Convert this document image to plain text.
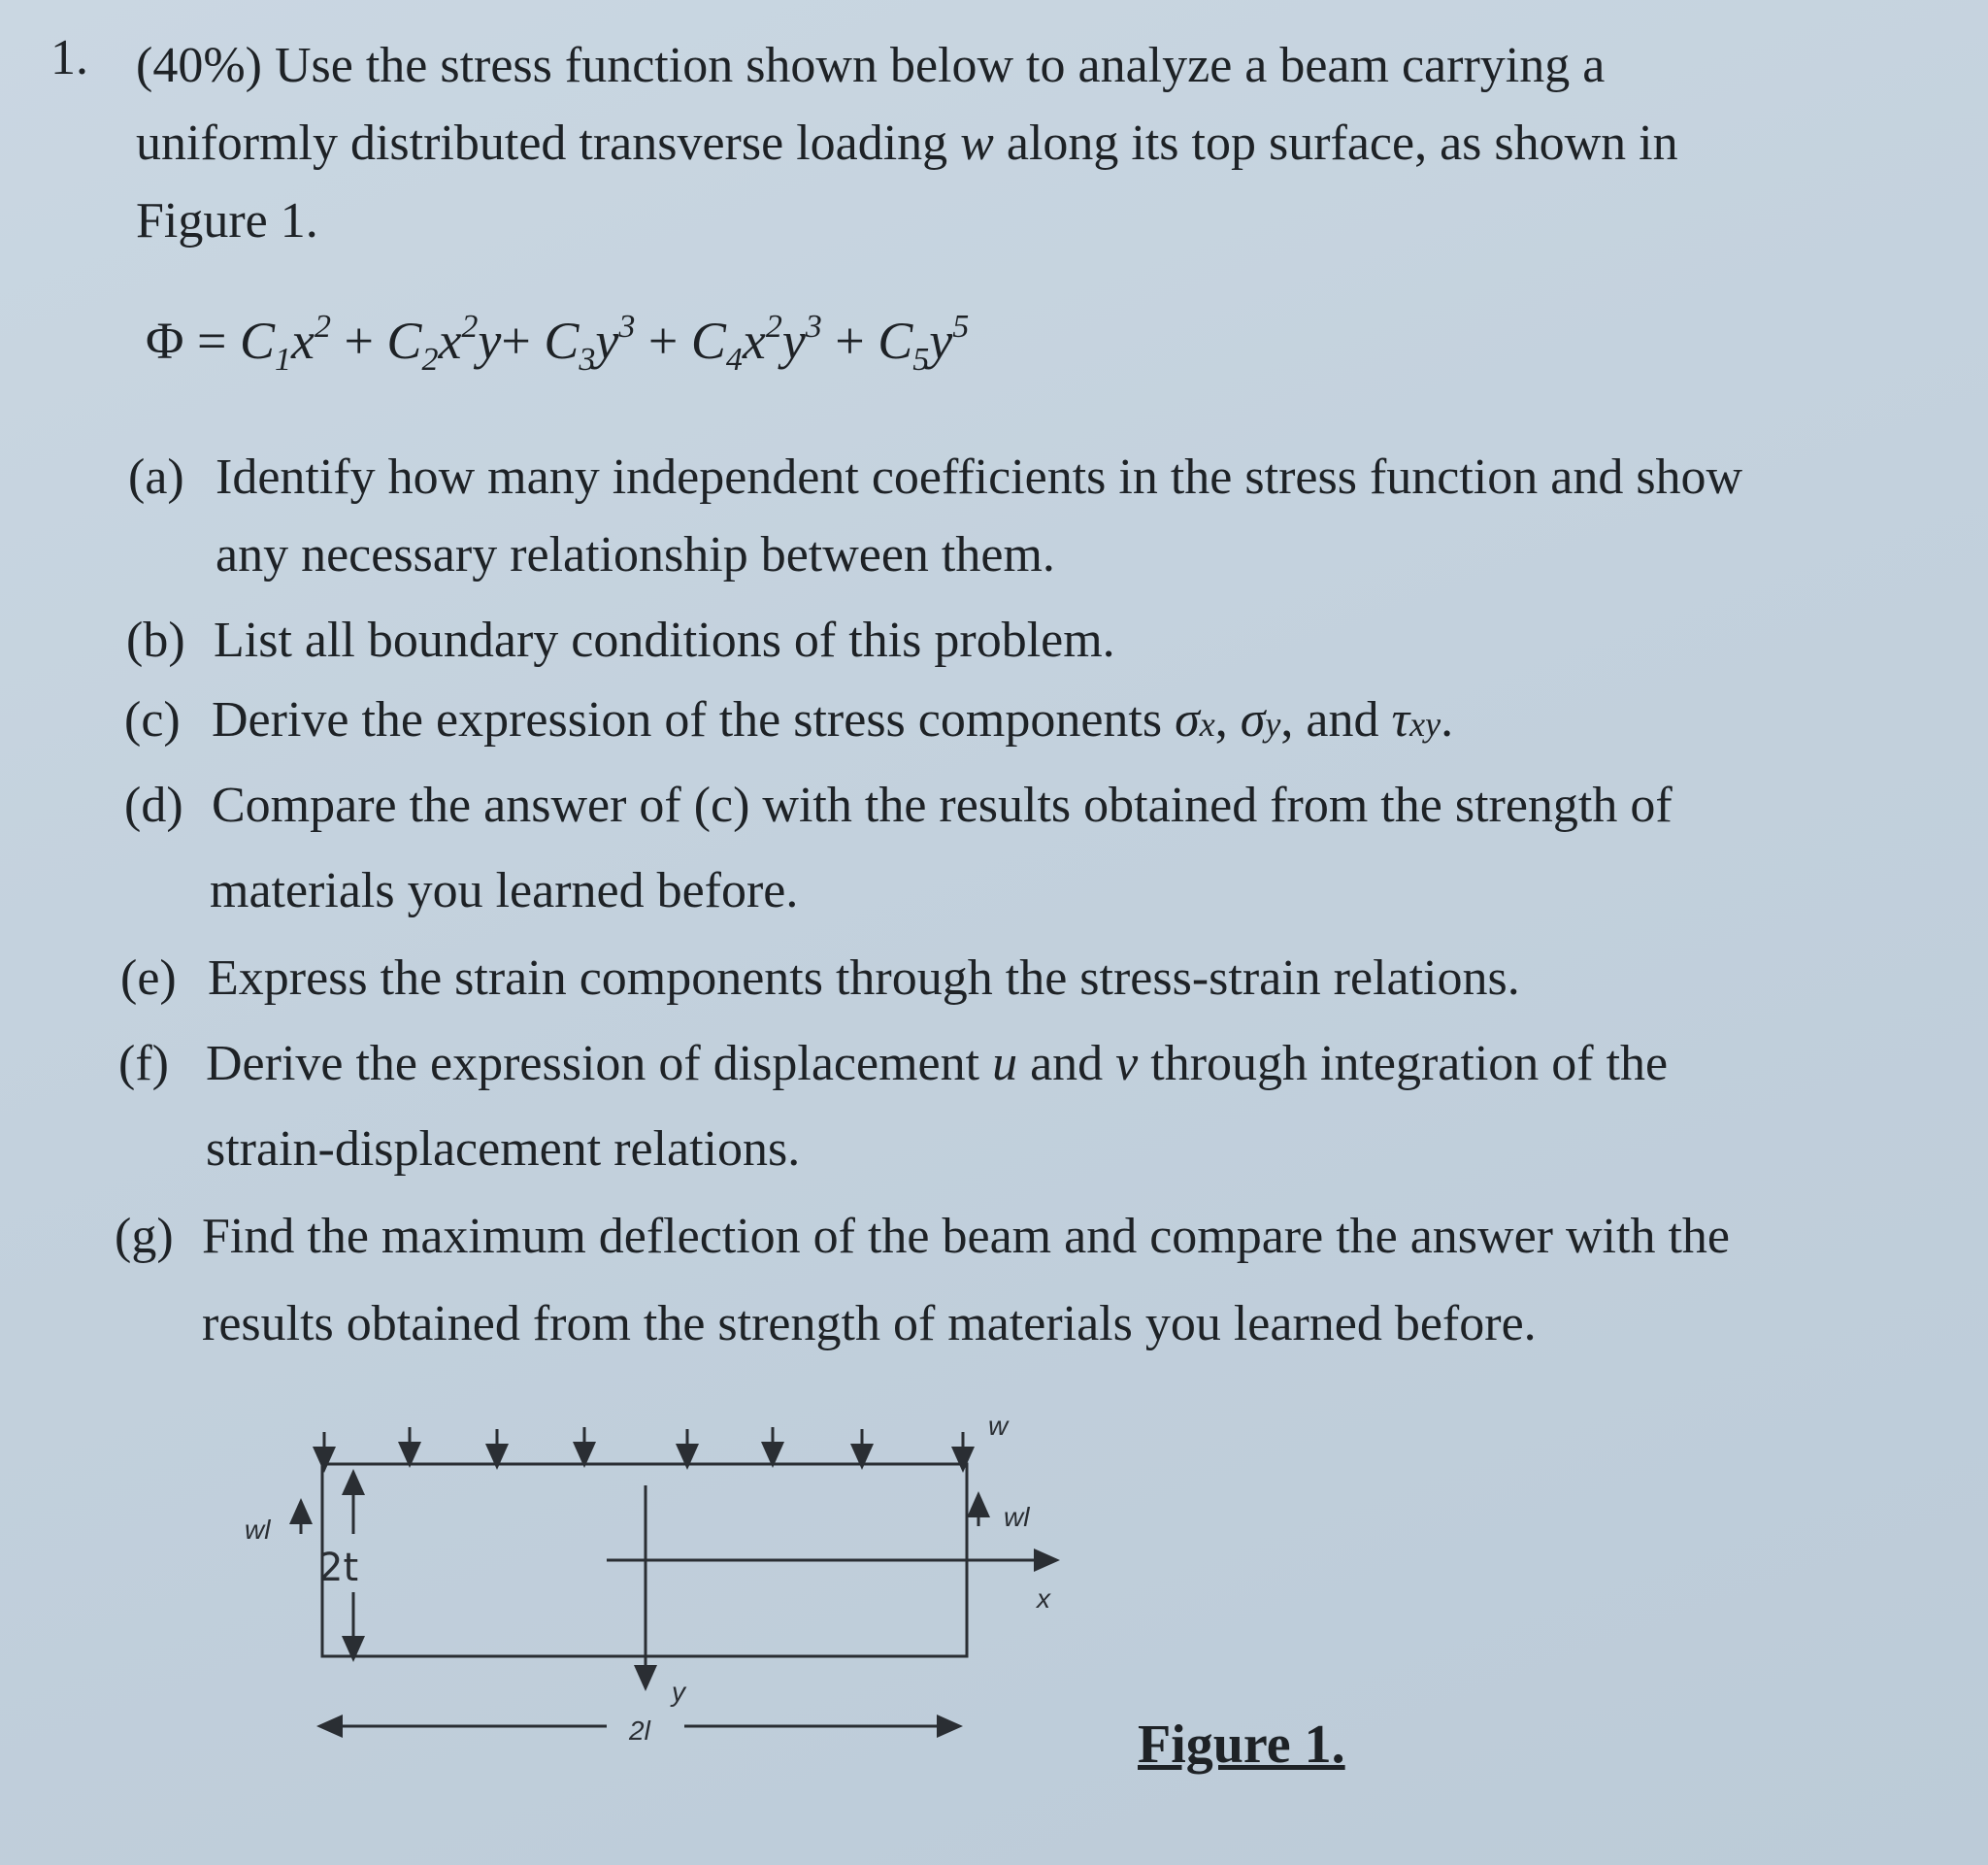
1. (40%) Use the stress function shown below to analyze a beam carrying a
uniformly distributed transverse loading w along its top surface, as shown in
Figure 1.
$\Phi = C_1x^2 + C_2x^2y+ C_3y^3 + C_4x^2y^3 + C_5y^5$
(a) Identify how many independent coefficients in the stress function and show
any necessary relationship between them.
(b) List all boundary conditions of this problem.
(c) Derive the expression of the stress components σx, σy, and τxy.
(d) Compare the answer of (c) with the results obtained from the strength of
materials you learned before.
(e) Express the strain components through the stress-strain relations.
(f) Derive the expression of displacement u and v through integration of the
strain-displacement relations.
(g) Find the maximum deflection of the beam and compare the answer with the
results obtained from the strength of materials you learned before.
w
wl	wl
2t
x
y
2l	Figure 1.
